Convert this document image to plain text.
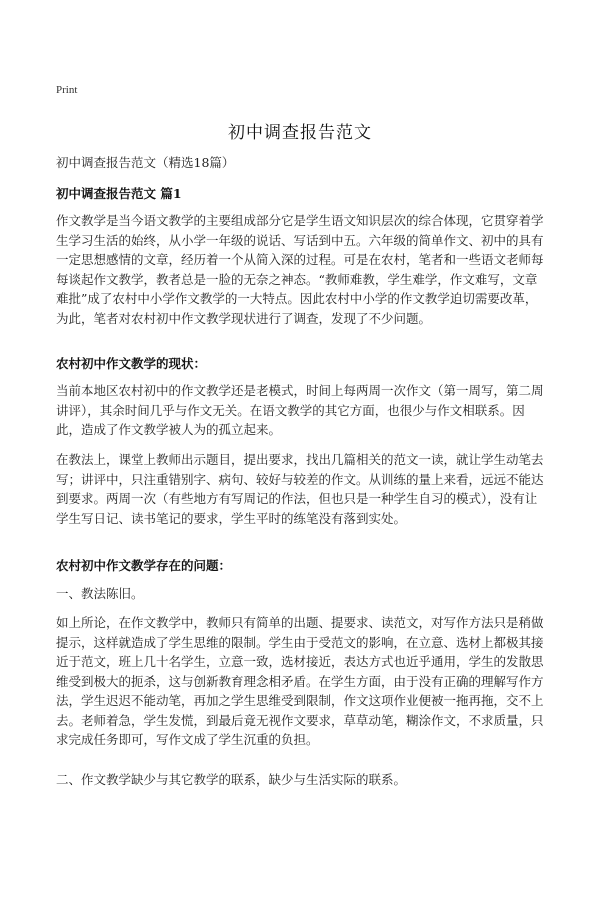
Print
初中调查报告范文
初中调查报告范文（精选18篇）
初中调查报告范文 篇1
作文教学是当今语文教学的主要组成部分它是学生语文知识层次的综合体现，它贯穿着学生学习生活的始终，从小学一年级的说话、写话到中五。六年级的简单作文、初中的具有一定思想感情的文章，经历着一个从简入深的过程。可是在农村，笔者和一些语文老师每每谈起作文教学，教者总是一脸的无奈之神态。“教师难教，学生难学，作文难写，文章难批”成了农村中小学作文教学的一大特点。因此农村中小学的作文教学迫切需要改革，为此，笔者对农村初中作文教学现状进行了调查，发现了不少问题。
农村初中作文教学的现状：
当前本地区农村初中的作文教学还是老模式，时间上每两周一次作文（第一周写，第二周讲评），其余时间几乎与作文无关。在语文教学的其它方面，也很少与作文相联系。因此，造成了作文教学被人为的孤立起来。
在教法上，课堂上教师出示题目，提出要求，找出几篇相关的范文一读，就让学生动笔去写；讲评中，只注重错别字、病句、较好与较差的作文。从训练的量上来看，远远不能达到要求。两周一次（有些地方有写周记的作法，但也只是一种学生自习的模式），没有让学生写日记、读书笔记的要求，学生平时的练笔没有落到实处。
农村初中作文教学存在的问题：
一、教法陈旧。
如上所论，在作文教学中，教师只有简单的出题、提要求、读范文，对写作方法只是稍做提示，这样就造成了学生思维的限制。学生由于受范文的影响，在立意、选材上都极其接近于范文，班上几十名学生，立意一致，选材接近，表达方式也近乎通用，学生的发散思维受到极大的扼杀，这与创新教育理念相矛盾。在学生方面，由于没有正确的理解写作方法，学生迟迟不能动笔，再加之学生思维受到限制，作文这项作业便被一拖再拖，交不上去。老师着急，学生发慌，到最后竟无视作文要求，草草动笔，糊涂作文，不求质量，只求完成任务即可，写作文成了学生沉重的负担。
二、作文教学缺少与其它教学的联系，缺少与生活实际的联系。
